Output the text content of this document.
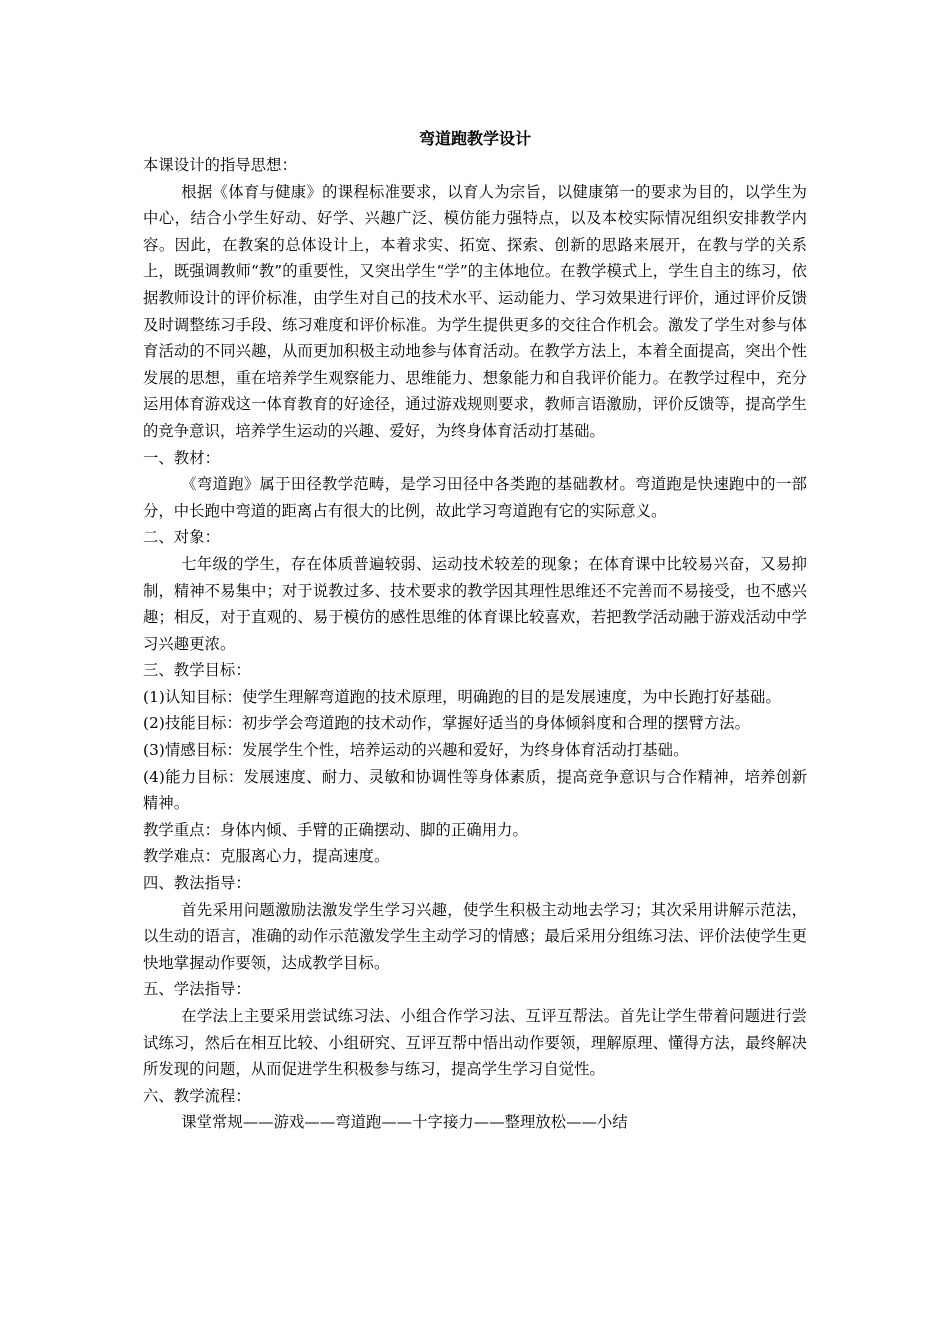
弯道跑教学设计

本课设计的指导思想：

根据《体育与健康》的课程标准要求，以育人为宗旨，以健康第一的要求为目的，以学生为中心，结合小学生好动、好学、兴趣广泛、模仿能力强特点，以及本校实际情况组织安排教学内容。因此，在教案的总体设计上，本着求实、拓宽、探索、创新的思路来展开，在教与学的关系上，既强调教师“教”的重要性，又突出学生“学”的主体地位。在教学模式上，学生自主的练习，依据教师设计的评价标准，由学生对自己的技术水平、运动能力、学习效果进行评价，通过评价反馈及时调整练习手段、练习难度和评价标准。为学生提供更多的交往合作机会。激发了学生对参与体育活动的不同兴趣，从而更加积极主动地参与体育活动。在教学方法上，本着全面提高，突出个性发展的思想，重在培养学生观察能力、思维能力、想象能力和自我评价能力。在教学过程中，充分运用体育游戏这一体育教育的好途径，通过游戏规则要求，教师言语激励，评价反馈等，提高学生的竞争意识，培养学生运动的兴趣、爱好，为终身体育活动打基础。

一、教材：

《弯道跑》属于田径教学范畴，是学习田径中各类跑的基础教材。弯道跑是快速跑中的一部分，中长跑中弯道的距离占有很大的比例，故此学习弯道跑有它的实际意义。

二、对象：

七年级的学生，存在体质普遍较弱、运动技术较差的现象；在体育课中比较易兴奋，又易抑制，精神不易集中；对于说教过多、技术要求的教学因其理性思维还不完善而不易接受，也不感兴趣；相反，对于直观的、易于模仿的感性思维的体育课比较喜欢，若把教学活动融于游戏活动中学习兴趣更浓。

三、教学目标：

(1)认知目标：使学生理解弯道跑的技术原理，明确跑的目的是发展速度，为中长跑打好基础。

(2)技能目标：初步学会弯道跑的技术动作，掌握好适当的身体倾斜度和合理的摆臂方法。

(3)情感目标：发展学生个性，培养运动的兴趣和爱好，为终身体育活动打基础。

(4)能力目标：发展速度、耐力、灵敏和协调性等身体素质，提高竞争意识与合作精神，培养创新精神。

教学重点：身体内倾、手臂的正确摆动、脚的正确用力。

教学难点：克服离心力，提高速度。

四、教法指导：

首先采用问题激励法激发学生学习兴趣，使学生积极主动地去学习；其次采用讲解示范法，以生动的语言，准确的动作示范激发学生主动学习的情感；最后采用分组练习法、评价法使学生更快地掌握动作要领，达成教学目标。

五、学法指导：

在学法上主要采用尝试练习法、小组合作学习法、互评互帮法。首先让学生带着问题进行尝试练习，然后在相互比较、小组研究、互评互帮中悟出动作要领，理解原理、懂得方法，最终解决所发现的问题，从而促进学生积极参与练习，提高学生学习自觉性。

六、教学流程：

课堂常规——游戏——弯道跑——十字接力——整理放松——小结
